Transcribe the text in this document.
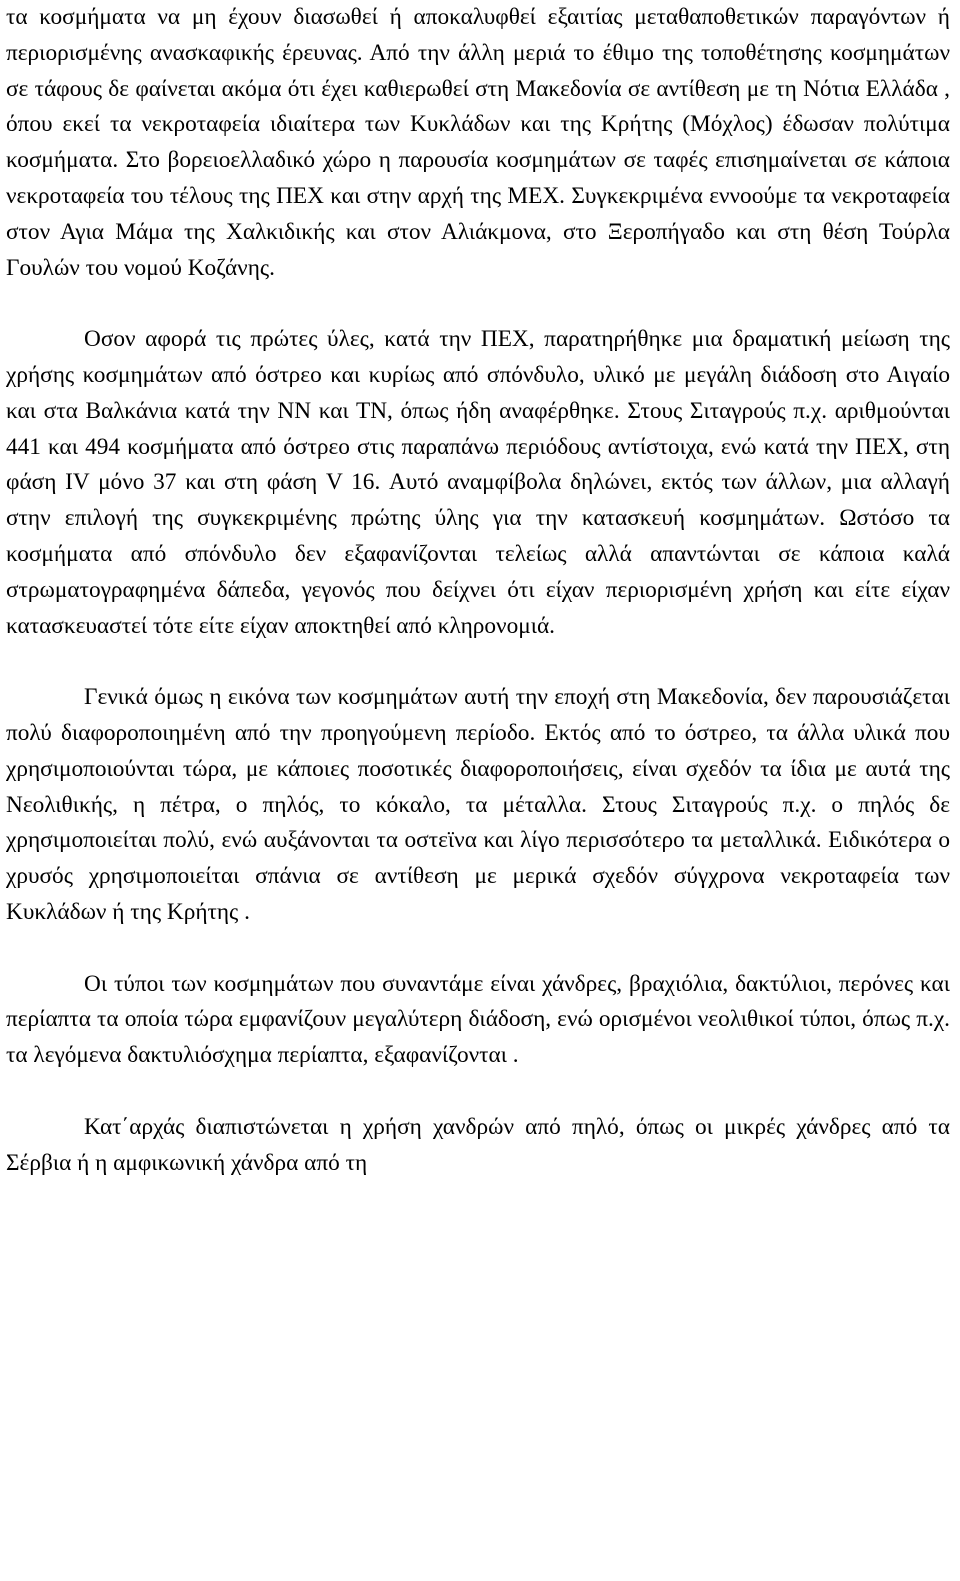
τα κοσμήματα να μη έχουν διασωθεί ή αποκαλυφθεί εξαιτίας μεταθαποθετικών παραγόντων ή περιορισμένης ανασκαφικής έρευνας. Από την άλλη μεριά το έθιμο της τοποθέτησης κοσμημάτων σε τάφους δε φαίνεται ακόμα ότι έχει καθιερωθεί στη Μακεδονία σε αντίθεση με τη Νότια Ελλάδα , όπου εκεί τα νεκροταφεία ιδιαίτερα των Κυκλάδων και της Κρήτης (Μόχλος) έδωσαν πολύτιμα κοσμήματα. Στο βορειοελλαδικό χώρο η παρουσία κοσμημάτων σε ταφές επισημαίνεται σε κάποια νεκροταφεία του τέλους της ΠΕΧ και στην αρχή της ΜΕΧ. Συγκεκριμένα εννοούμε τα νεκροταφεία στον Αγια Μάμα της Χαλκιδικής και στον Αλιάκμονα, στο Ξεροπήγαδο και στη θέση Τούρλα Γουλών του νομού Κοζάνης.

Οσον αφορά τις πρώτες ύλες, κατά την ΠΕΧ, παρατηρήθηκε μια δραματική μείωση της χρήσης κοσμημάτων από όστρεο και κυρίως από σπόνδυλο, υλικό με μεγάλη διάδοση στο Αιγαίο και στα Βαλκάνια κατά την ΝΝ και ΤΝ, όπως ήδη αναφέρθηκε. Στους Σιταγρούς π.χ. αριθμούνται 441 και 494 κοσμήματα από όστρεο στις παραπάνω περιόδους αντίστοιχα, ενώ κατά την ΠΕΧ, στη φάση IV μόνο 37 και στη φάση V 16. Αυτό αναμφίβολα δηλώνει, εκτός των άλλων, μια αλλαγή στην επιλογή της συγκεκριμένης πρώτης ύλης για την κατασκευή κοσμημάτων. Ωστόσο τα κοσμήματα από σπόνδυλο δεν εξαφανίζονται τελείως αλλά απαντώνται σε κάποια καλά στρωματογραφημένα δάπεδα, γεγονός που δείχνει ότι είχαν περιορισμένη χρήση και είτε είχαν κατασκευαστεί τότε είτε είχαν αποκτηθεί από κληρονομιά.

Γενικά όμως η εικόνα των κοσμημάτων αυτή την εποχή στη Μακεδονία, δεν παρουσιάζεται πολύ διαφοροποιημένη από την προηγούμενη περίοδο. Εκτός από το όστρεο, τα άλλα υλικά που χρησιμοποιούνται τώρα, με κάποιες ποσοτικές διαφοροποιήσεις, είναι σχεδόν τα ίδια με αυτά της Νεολιθικής, η πέτρα, ο πηλός, το κόκαλο, τα μέταλλα. Στους Σιταγρούς π.χ. ο πηλός δε χρησιμοποιείται πολύ, ενώ αυξάνονται τα οστεϊνα και λίγο περισσότερο τα μεταλλικά. Ειδικότερα ο χρυσός χρησιμοποιείται σπάνια σε αντίθεση με μερικά σχεδόν σύγχρονα νεκροταφεία των Κυκλάδων ή της Κρήτης .

Οι τύποι των κοσμημάτων που συναντάμε είναι χάνδρες, βραχιόλια, δακτύλιοι, περόνες και περίαπτα τα οποία τώρα εμφανίζουν μεγαλύτερη διάδοση, ενώ ορισμένοι νεολιθικοί τύποι, όπως π.χ. τα λεγόμενα δακτυλιόσχημα περίαπτα, εξαφανίζονται .

Κατ΄αρχάς διαπιστώνεται η χρήση χανδρών από πηλό, όπως οι μικρές χάνδρες από τα Σέρβια ή η αμφικωνική χάνδρα από τη
